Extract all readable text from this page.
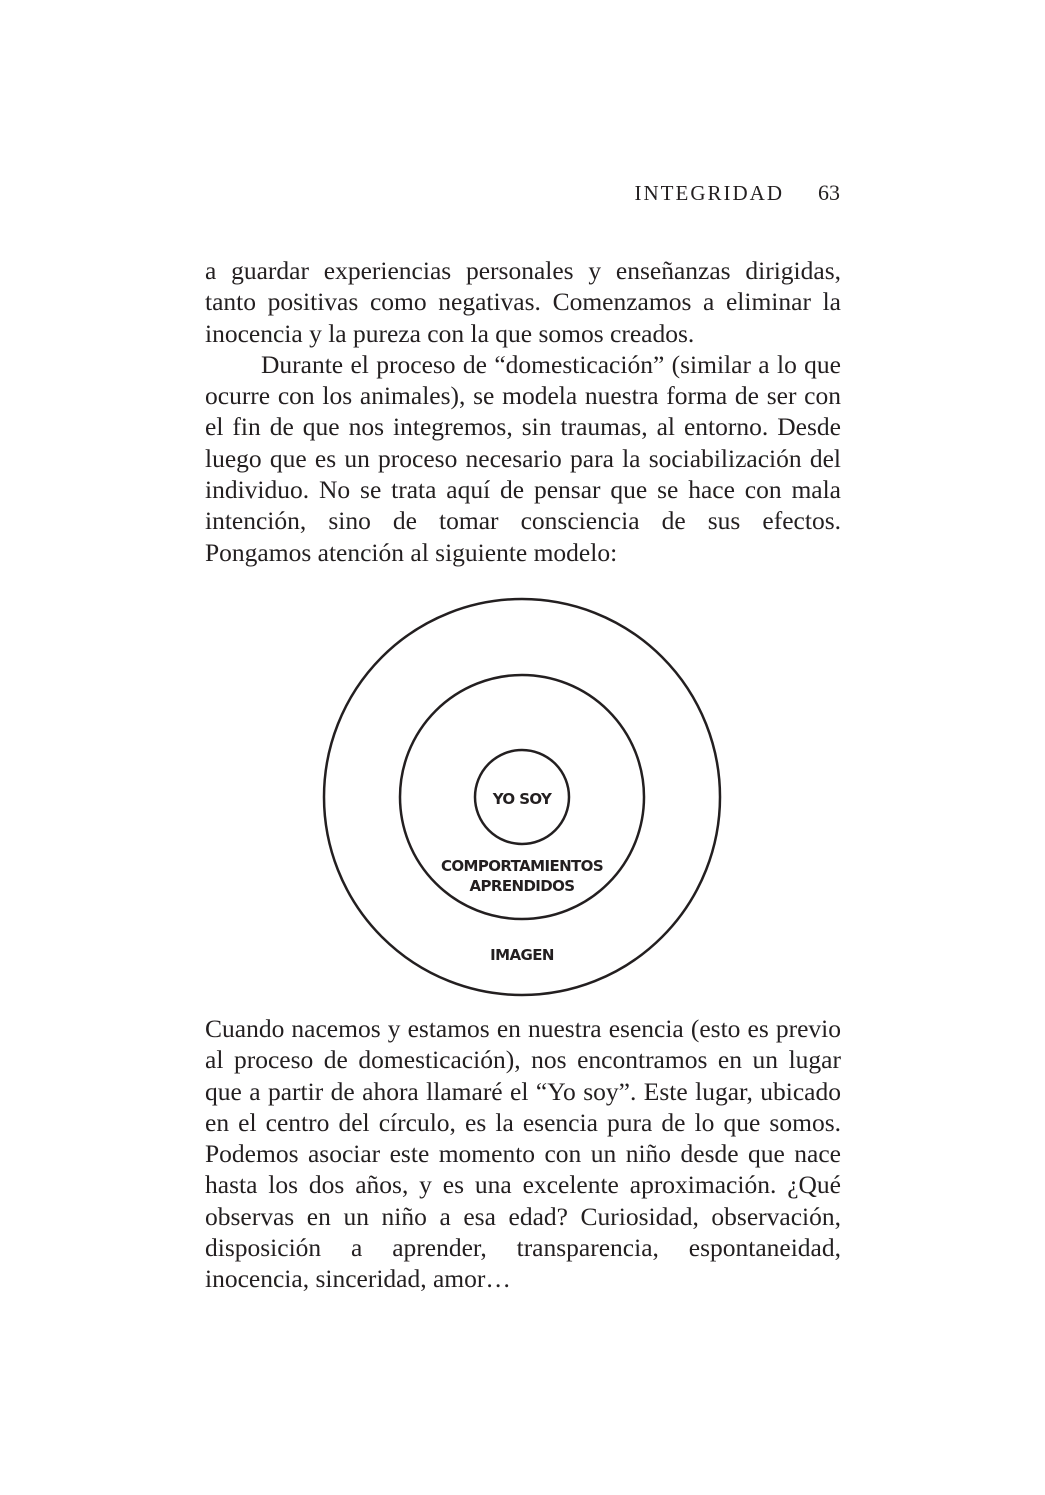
INTEGRIDAD 63

a guardar experiencias personales y enseñanzas dirigidas, tanto positivas como negativas. Comenzamos a eliminar la inocencia y la pureza con la que somos creados.

Durante el proceso de “domesticación” (similar a lo que ocurre con los animales), se modela nuestra forma de ser con el fin de que nos integremos, sin traumas, al entorno. Desde luego que es un proceso necesario para la sociabilización del individuo. No se trata aquí de pensar que se hace con mala intención, sino de tomar consciencia de sus efectos. Pongamos atención al siguiente modelo:

YO SOY
COMPORTAMIENTOS
APRENDIDOS
IMAGEN

Cuando nacemos y estamos en nuestra esencia (esto es previo al proceso de domesticación), nos encontramos en un lugar que a partir de ahora llamaré el “Yo soy”. Este lugar, ubicado en el centro del círculo, es la esencia pura de lo que somos. Podemos asociar este momento con un niño desde que nace hasta los dos años, y es una excelente aproximación. ¿Qué observas en un niño a esa edad? Curiosidad, observación, disposición a aprender, transparencia, espontaneidad, inocencia, sinceridad, amor…
